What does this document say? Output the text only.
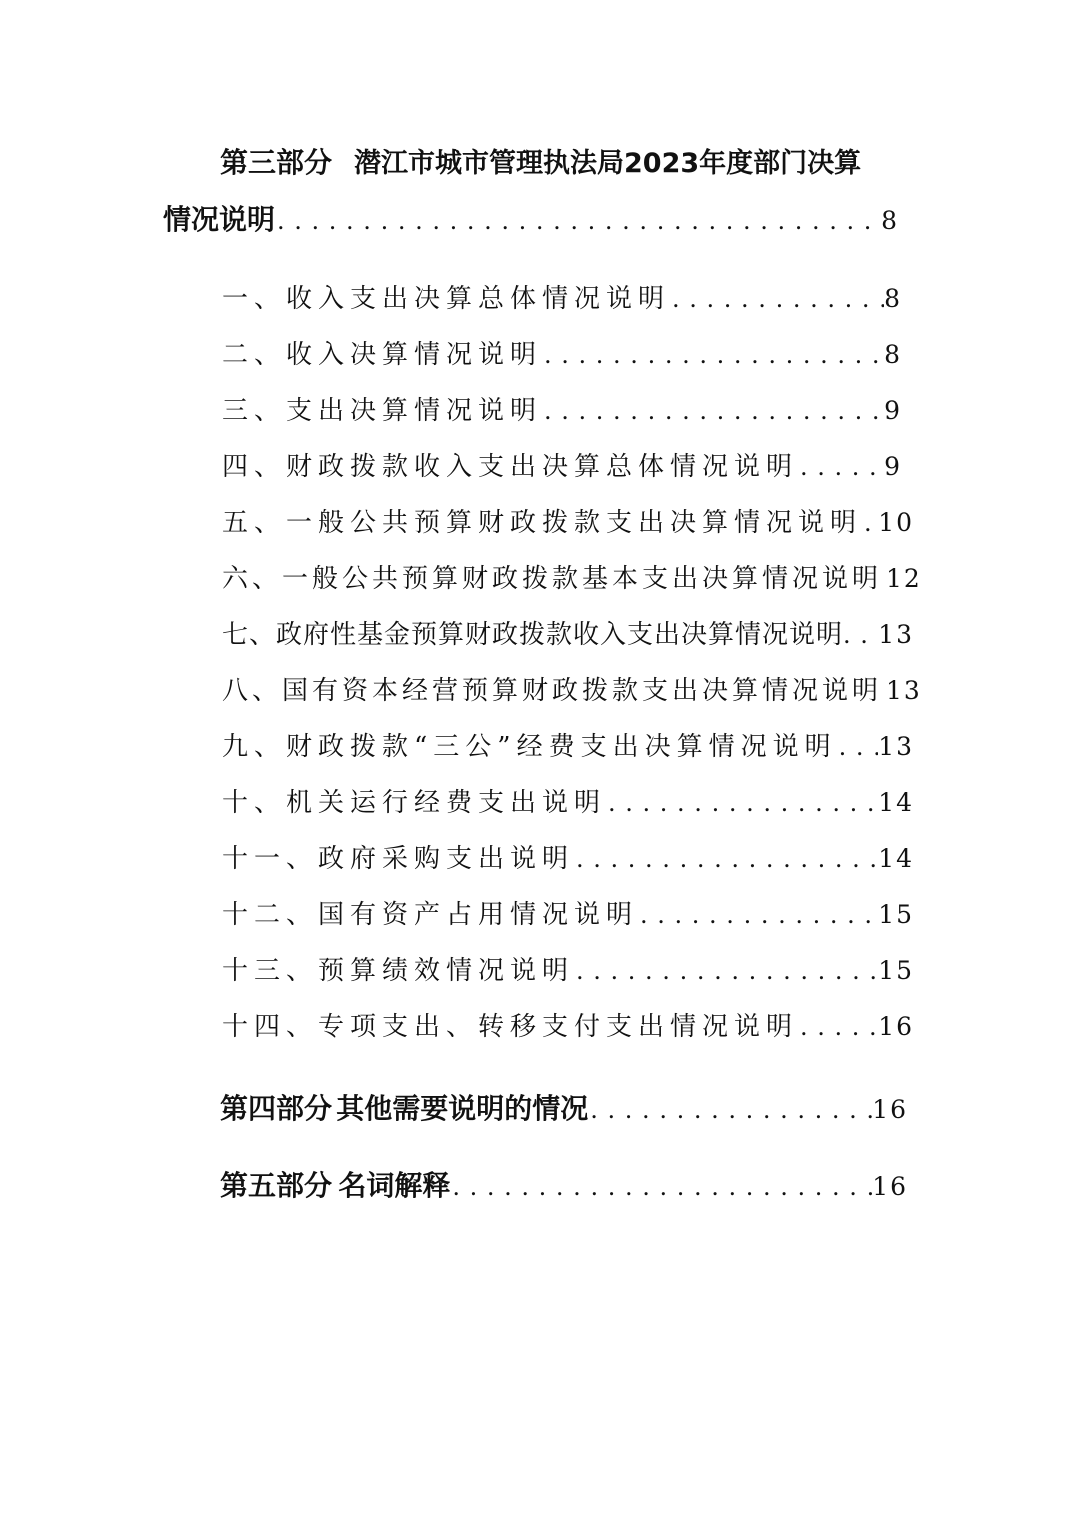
第三部分 潜江市城市管理执法局2023年度部门决算
情况说明 . . .	8
一、收入支出决算总体情况说明 . . .	8
二、收入决算情况说明 . . .	8
三、支出决算情况说明 . . .	9
四、财政拨款收入支出决算总体情况说明 . . .	9
五、一般公共预算财政拨款支出决算情况说明 . . . 10
六、一般公共预算财政拨款基本支出决算情况说明 . . . 12
七、政府性基金预算财政拨款收入支出决算情况说明 . . . 13
八、国有资本经营预算财政拨款支出决算情况说明 . . . 13
九、财政拨款“三公”经费支出决算情况说明 . . . 13
十、机关运行经费支出说明 . . .	14
十一、政府采购支出说明 . . .	14
十二、国有资产占用情况说明 . . .	15
十三、预算绩效情况说明 . . .	15
十四、专项支出、转移支付支出情况说明 . . .	16
第四部分 其他需要说明的情况 . . .	16
第五部分 名词解释 . . .	16
